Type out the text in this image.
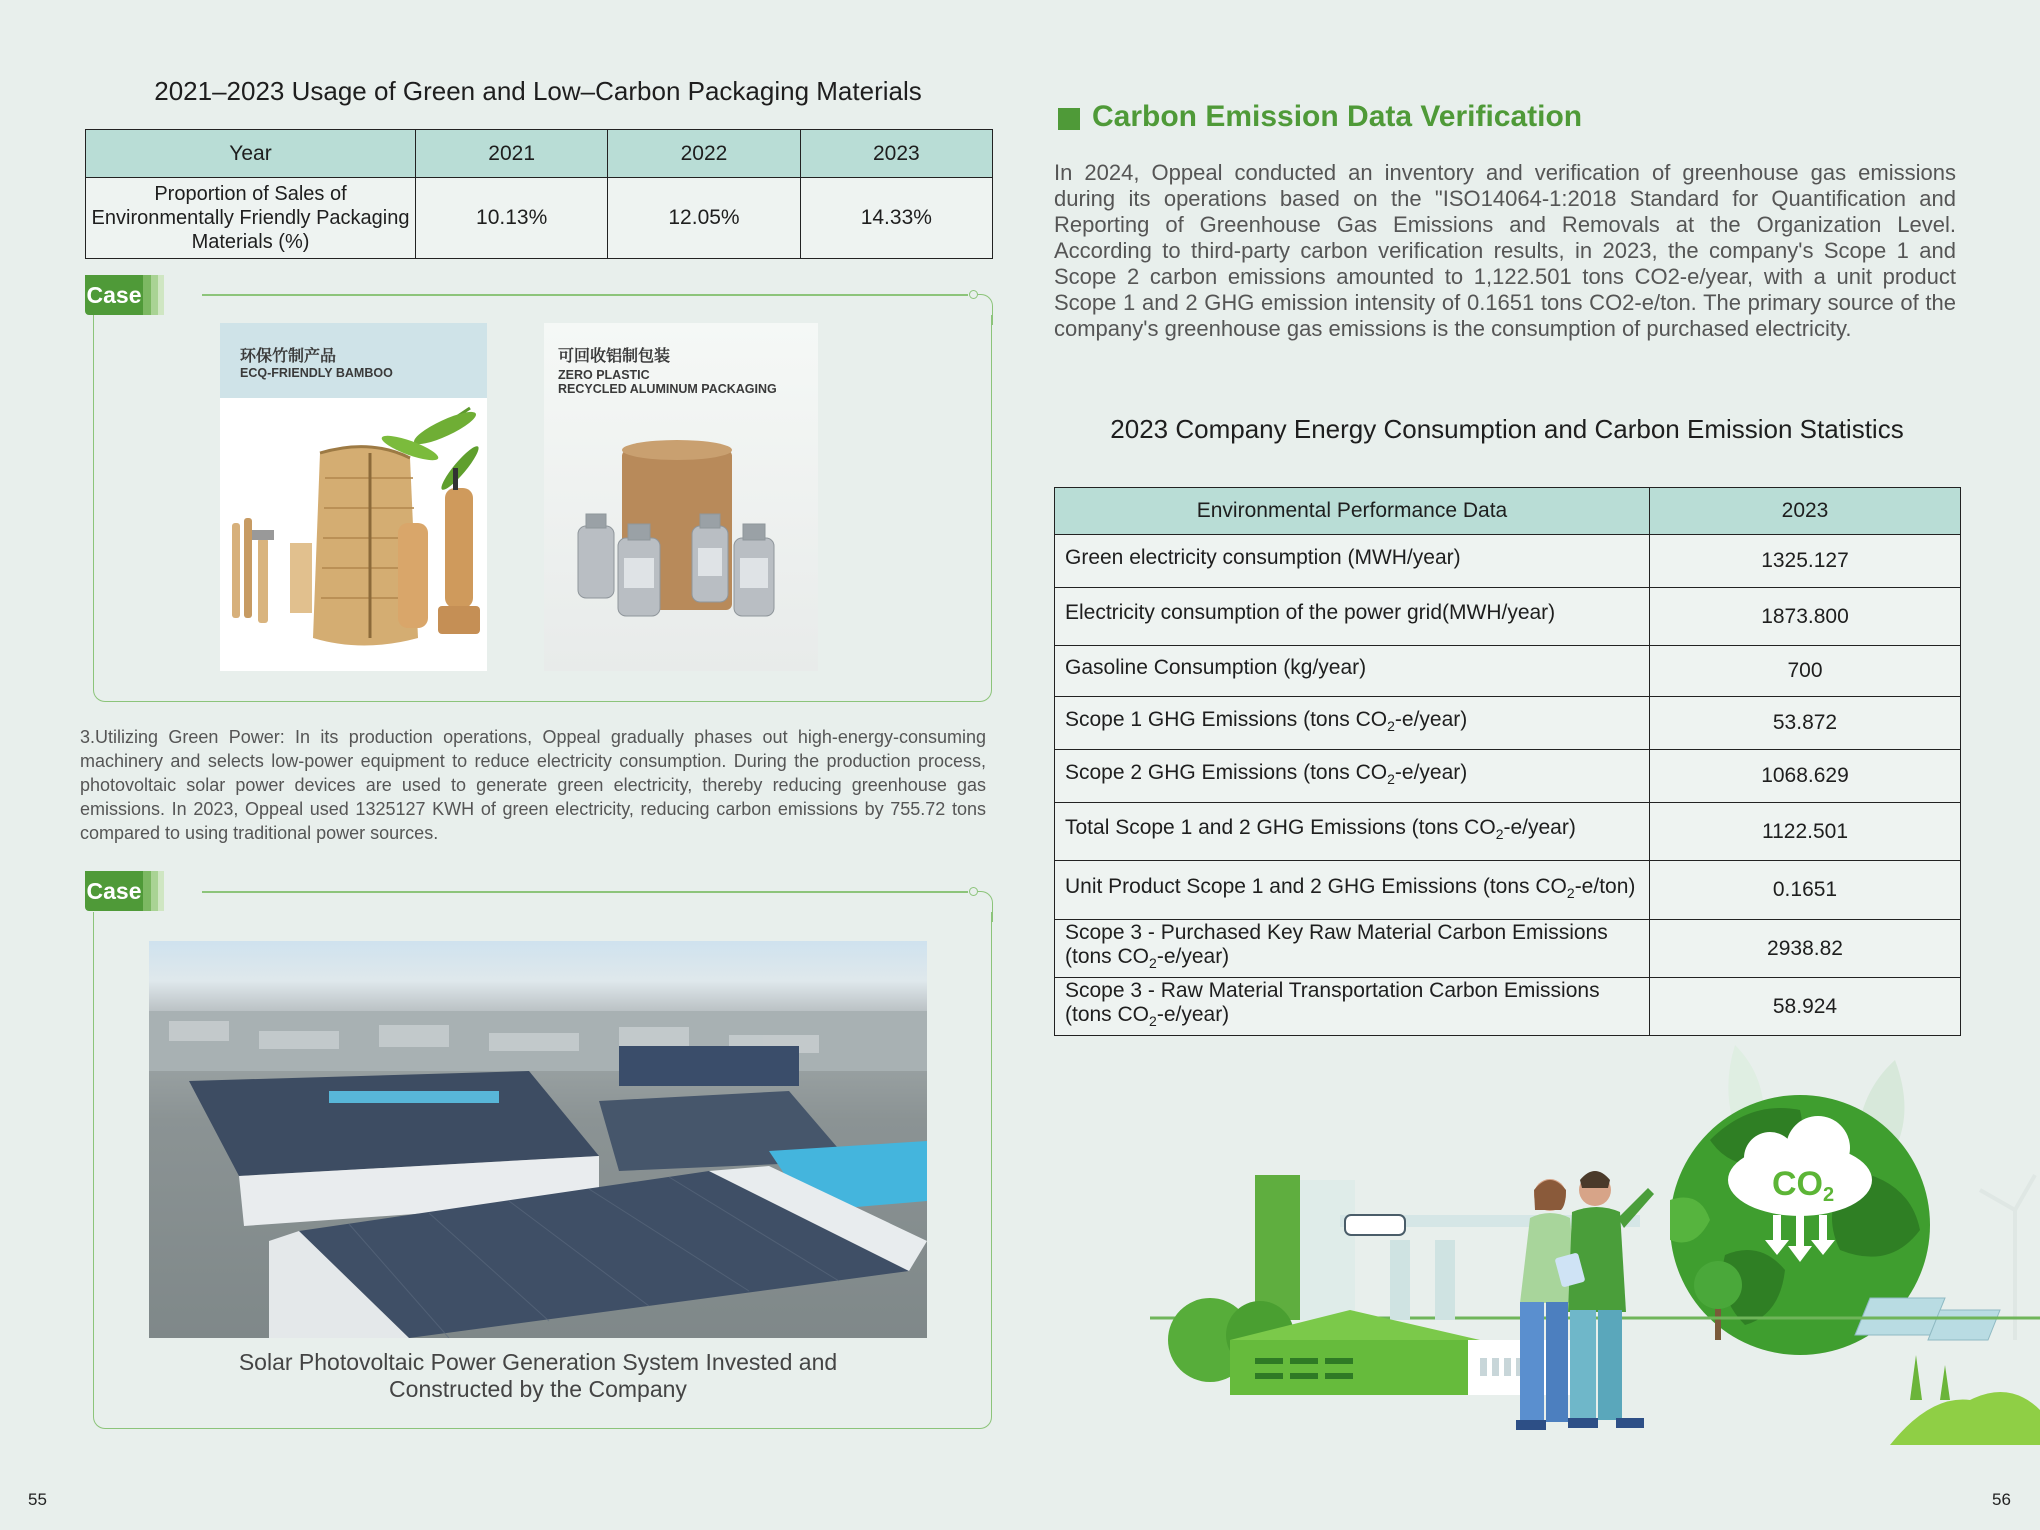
2021–2023 Usage of Green and Low–Carbon Packaging Materials
Year	2021	2022	2023
Proportion of Sales of Environmentally Friendly Packaging Materials (%)	10.13%	12.05%	14.33%
Case
环保竹制产品
ECQ-FRIENDLY BAMBOO
可回收铝制包装
ZERO PLASTIC
RECYCLED ALUMINUM PACKAGING
3.Utilizing Green Power: In its production operations, Oppeal gradually phases out high-energy-consuming machinery and selects low-power equipment to reduce electricity consumption. During the production process, photovoltaic solar power devices are used to generate green electricity, thereby reducing greenhouse gas emissions. In 2023, Oppeal used 1325127 KWH of green electricity, reducing carbon emissions by 755.72 tons compared to using traditional power sources.
Case
Solar Photovoltaic Power Generation System Invested and
Constructed by the Company
55
Carbon Emission Data Verification
In 2024, Oppeal conducted an inventory and verification of greenhouse gas emissions during its operations based on the "ISO14064-1:2018 Standard for Quantification and Reporting of Greenhouse Gas Emissions and Removals at the Organization Level. According to third-party carbon verification results, in 2023, the company's Scope 1 and Scope 2 carbon emissions amounted to 1,122.501 tons CO2-e/year, with a unit product Scope 1 and 2 GHG emission intensity of 0.1651 tons CO2-e/ton. The primary source of the company's greenhouse gas emissions is the consumption of purchased electricity.
2023 Company Energy Consumption and Carbon Emission Statistics
Environmental Performance Data	2023
Green electricity consumption (MWH/year)	1325.127
Electricity consumption of the power grid(MWH/year)	1873.800
Gasoline Consumption (kg/year)	700
Scope 1 GHG Emissions (tons $CO_2-e/year$)	53.872
Scope 2 GHG Emissions (tons $CO_2-e/year$)	1068.629
Total Scope 1 and 2 GHG Emissions (tons $CO_2-e/year$)	1122.501
Unit Product Scope 1 and 2 GHG Emissions (tons $CO_2-e/ton$)	0.1651
Scope 3 - Purchased Key Raw Material Carbon Emissions (tons $CO_2-e/year$)	2938.82
Scope 3 - Raw Material Transportation Carbon Emissions (tons $CO_2-e/year$)	58.924
CO2
56
